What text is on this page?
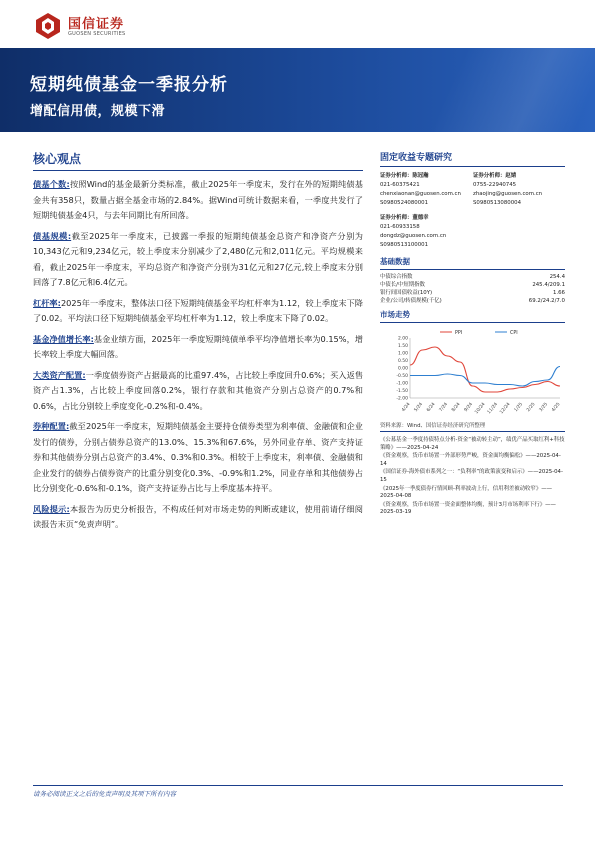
国信证券
GUOSEN SECURITIES
短期纯债基金一季报分析
增配信用债，规模下滑
核心观点

债基个数:按照Wind的基金最新分类标准，截止2025年一季度末，发行在外的短期纯债基金共有358只，数量占据全基金市场的2.84%。据Wind可统计数据来看，一季度共发行了短期纯债基金4只，与去年同期比有所回落。

债基规模:截至2025年一季度末，已披露一季报的短期纯债基金总资产和净资产分别为10,343亿元和9,234亿元，较上季度末分别减少了2,480亿元和2,011亿元。平均规模来看，截止2025年一季度末，平均总资产和净资产分别为31亿元和27亿元,较上季度末分别回落了7.8亿元和6.4亿元。

杠杆率:2025年一季度末，整体法口径下短期纯债基金平均杠杆率为1.12，较上季度末下降了0.02。平均法口径下短期纯债基金平均杠杆率为1.12，较上季度末下降了0.02。

基金净值增长率:基金业绩方面，2025年一季度短期纯债单季平均净值增长率为0.15%，增长率较上季度大幅回落。

大类资产配置:一季度债券资产占据最高的比重97.4%，占比较上季度回升0.6%；买入返售资产占1.3%，占比较上季度回落0.2%，银行存款和其他资产分别占总资产的0.7%和0.6%，占比分别较上季度变化-0.2%和-0.4%。

券种配置:截至2025年一季度末，短期纯债基金主要持仓债券类型为利率债、金融债和企业发行的债券，分别占债券总资产的13.0%、15.3%和67.6%，另外同业存单、资产支持证券和其他债券分别占总资产的3.4%、0.3%和0.3%。相较于上季度末，利率债、金融债和企业发行的债券占债券资产的比重分别变化0.3%、-0.9%和1.2%，同业存单和其他债券占比分别变化-0.6%和-0.1%，资产支持证券占比与上季度基本持平。

风险提示:本报告为历史分析报告，不构成任何对市场走势的判断或建议，使用前请仔细阅读报告末页“免责声明”。

固定收益专题研究
证券分析师：陈冠瀚
021-60375421
chenxiaonan@guosen.com.cn
S0980524080001
证券分析师：赵婧
0755-22940745
zhaojing@guosen.com.cn
S0980513080004
证券分析师：董德幸
021-60933158
dongdz@guosen.com.cn
S0980513100001
基础数据
中债综合指数	254.4
中债长/中短期指数	245.4/209.1
银行间国债收益(10Y)	1.66
企业/公司/转债规模(千亿)	69.2/24.2/7.0
市场走势
2.00
1.50
1.00
0.50
0.00
-0.50
-1.00
-1.50
-2.00
4/24 5/24 6/24 7/24 8/24 9/24 10/24 11/24 12/24 1/25 2/25 3/25 4/25
PPI	CPI
资料来源：Wind、国信证券经济研究所整理
《公募基金一季度持债特点分析-资金“被动转主动”，绩优产品买取红利+科技策略》——2025-04-24
《资金观察，货币市场置一外部形势严峻，资金面均衡偏松》——2025-04-14
《国信证券-海外债市系列之一：“负利率”的政策演变和启示》——2025-04-15
《2025年一季度债券行情回顾-利率波动上行，信用利差被动收窄》——2025-04-08
《资金观察，货币市场置一资金面整体均衡，预计3月市场利率下行》——2025-03-19
请务必阅读正文之后的免责声明及其项下所有内容
